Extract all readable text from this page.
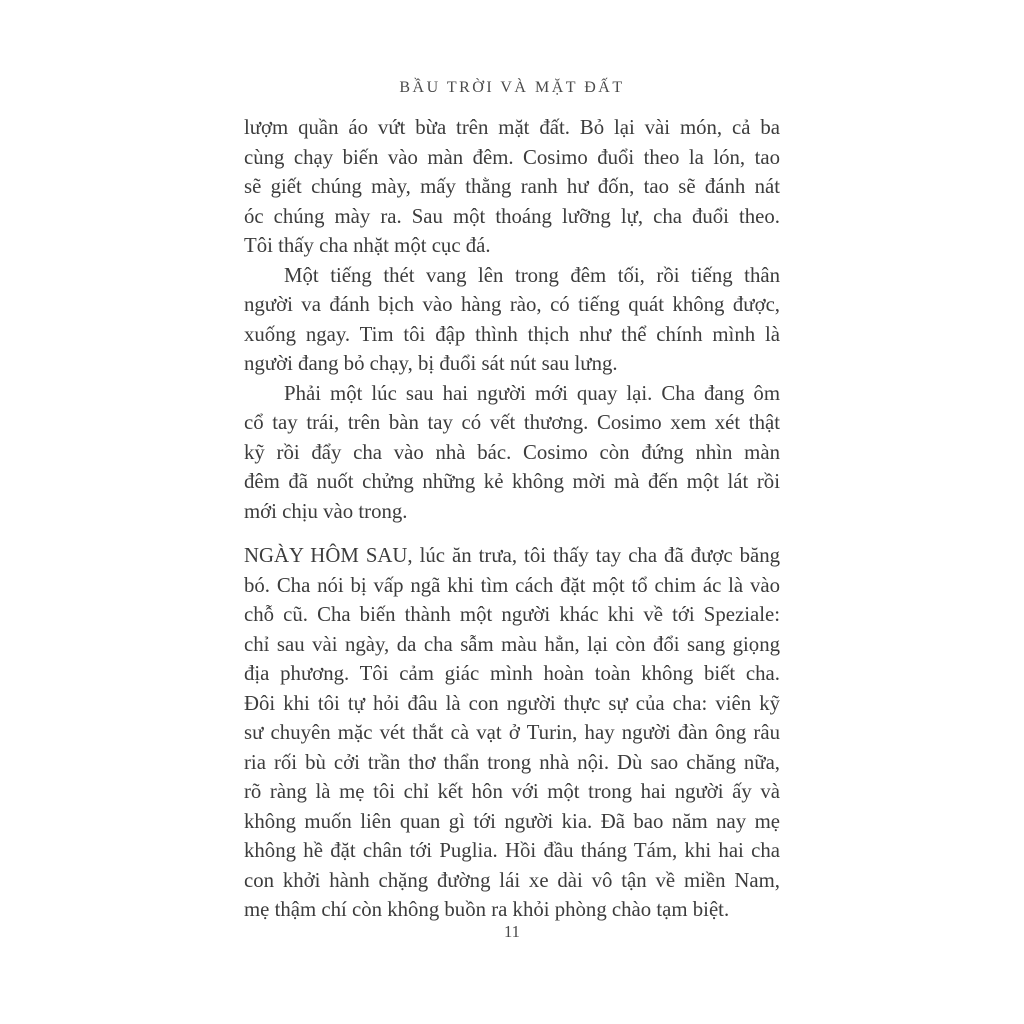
BẦU TRỜI VÀ MẶT ĐẤT
lượm quần áo vứt bừa trên mặt đất. Bỏ lại vài món, cả ba
cùng chạy biến vào màn đêm. Cosimo đuổi theo la lón, tao
sẽ giết chúng mày, mấy thằng ranh hư đốn, tao sẽ đánh nát
óc chúng mày ra. Sau một thoáng lưỡng lự, cha đuổi theo.
Tôi thấy cha nhặt một cục đá.
Một tiếng thét vang lên trong đêm tối, rồi tiếng thân
người va đánh bịch vào hàng rào, có tiếng quát không được,
xuống ngay. Tim tôi đập thình thịch như thể chính mình là
người đang bỏ chạy, bị đuổi sát nút sau lưng.
Phải một lúc sau hai người mới quay lại. Cha đang ôm
cổ tay trái, trên bàn tay có vết thương. Cosimo xem xét thật
kỹ rồi đẩy cha vào nhà bác. Cosimo còn đứng nhìn màn
đêm đã nuốt chửng những kẻ không mời mà đến một lát rồi
mới chịu vào trong.
NGÀY HÔM SAU, lúc ăn trưa, tôi thấy tay cha đã được băng
bó. Cha nói bị vấp ngã khi tìm cách đặt một tổ chim ác là vào
chỗ cũ. Cha biến thành một người khác khi về tới Speziale:
chỉ sau vài ngày, da cha sẫm màu hẳn, lại còn đổi sang giọng
địa phương. Tôi cảm giác mình hoàn toàn không biết cha.
Đôi khi tôi tự hỏi đâu là con người thực sự của cha: viên kỹ
sư chuyên mặc vét thắt cà vạt ở Turin, hay người đàn ông râu
ria rối bù cởi trần thơ thẩn trong nhà nội. Dù sao chăng nữa,
rõ ràng là mẹ tôi chỉ kết hôn với một trong hai người ấy và
không muốn liên quan gì tới người kia. Đã bao năm nay mẹ
không hề đặt chân tới Puglia. Hồi đầu tháng Tám, khi hai cha
con khởi hành chặng đường lái xe dài vô tận về miền Nam,
mẹ thậm chí còn không buồn ra khỏi phòng chào tạm biệt.
11
